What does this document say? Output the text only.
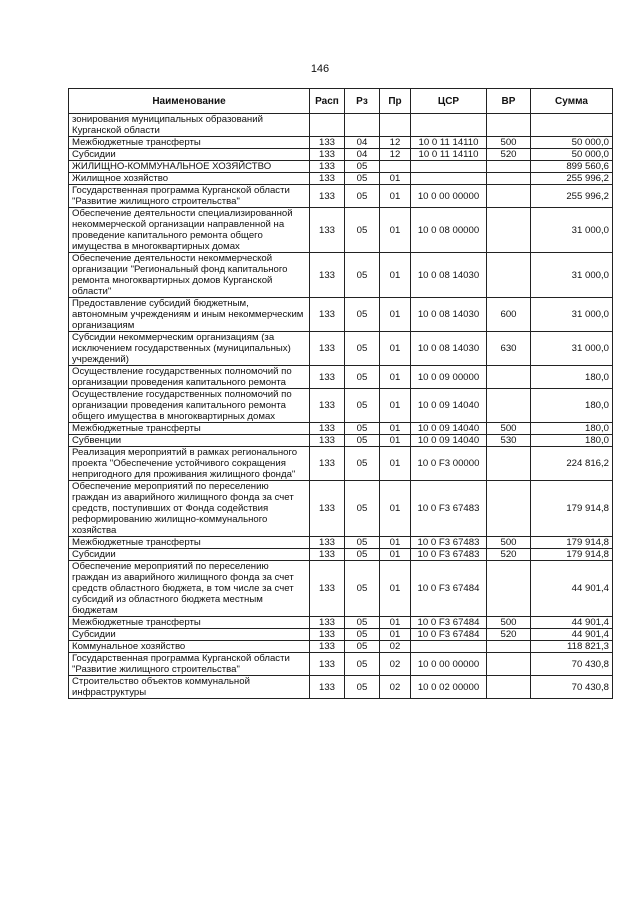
146
Наименование	Расп	Рз	Пр	ЦСР	ВР	Сумма
зонирования муниципальных образований Курганской области						
Межбюджетные трансферты	133	04	12	10 0 11 14110	500	50 000,0
Субсидии	133	04	12	10 0 11 14110	520	50 000,0
ЖИЛИЩНО-КОММУНАЛЬНОЕ ХОЗЯЙСТВО	133	05				899 560,6
Жилищное хозяйство	133	05	01			255 996,2
Государственная программа Курганской области "Развитие жилищного строительства"	133	05	01	10 0 00 00000		255 996,2
Обеспечение деятельности специализированной некоммерческой организации направленной на проведение капитального ремонта общего имущества в многоквартирных домах	133	05	01	10 0 08 00000		31 000,0
Обеспечение деятельности некоммерческой организации "Региональный фонд капитального ремонта многоквартирных домов Курганской области"	133	05	01	10 0 08 14030		31 000,0
Предоставление субсидий бюджетным, автономным учреждениям и иным некоммерческим организациям	133	05	01	10 0 08 14030	600	31 000,0
Субсидии некоммерческим организациям (за исключением государственных (муниципальных) учреждений)	133	05	01	10 0 08 14030	630	31 000,0
Осуществление государственных полномочий по организации проведения капитального ремонта	133	05	01	10 0 09 00000		180,0
Осуществление государственных полномочий по организации проведения капитального ремонта общего имущества в многоквартирных домах	133	05	01	10 0 09 14040		180,0
Межбюджетные трансферты	133	05	01	10 0 09 14040	500	180,0
Субвенции	133	05	01	10 0 09 14040	530	180,0
Реализация мероприятий в рамках регионального проекта "Обеспечение устойчивого сокращения непригодного для проживания жилищного фонда"	133	05	01	10 0 F3 00000		224 816,2
Обеспечение мероприятий по переселению граждан из аварийного жилищного фонда за счет средств, поступивших от Фонда содействия реформированию жилищно-коммунального хозяйства	133	05	01	10 0 F3 67483		179 914,8
Межбюджетные трансферты	133	05	01	10 0 F3 67483	500	179 914,8
Субсидии	133	05	01	10 0 F3 67483	520	179 914,8
Обеспечение мероприятий по переселению граждан из аварийного жилищного фонда за счет средств областного бюджета, в том числе за счет субсидий из областного бюджета местным бюджетам	133	05	01	10 0 F3 67484		44 901,4
Межбюджетные трансферты	133	05	01	10 0 F3 67484	500	44 901,4
Субсидии	133	05	01	10 0 F3 67484	520	44 901,4
Коммунальное хозяйство	133	05	02			118 821,3
Государственная программа Курганской области "Развитие жилищного строительства"	133	05	02	10 0 00 00000		70 430,8
Строительство объектов коммунальной инфраструктуры	133	05	02	10 0 02 00000		70 430,8
